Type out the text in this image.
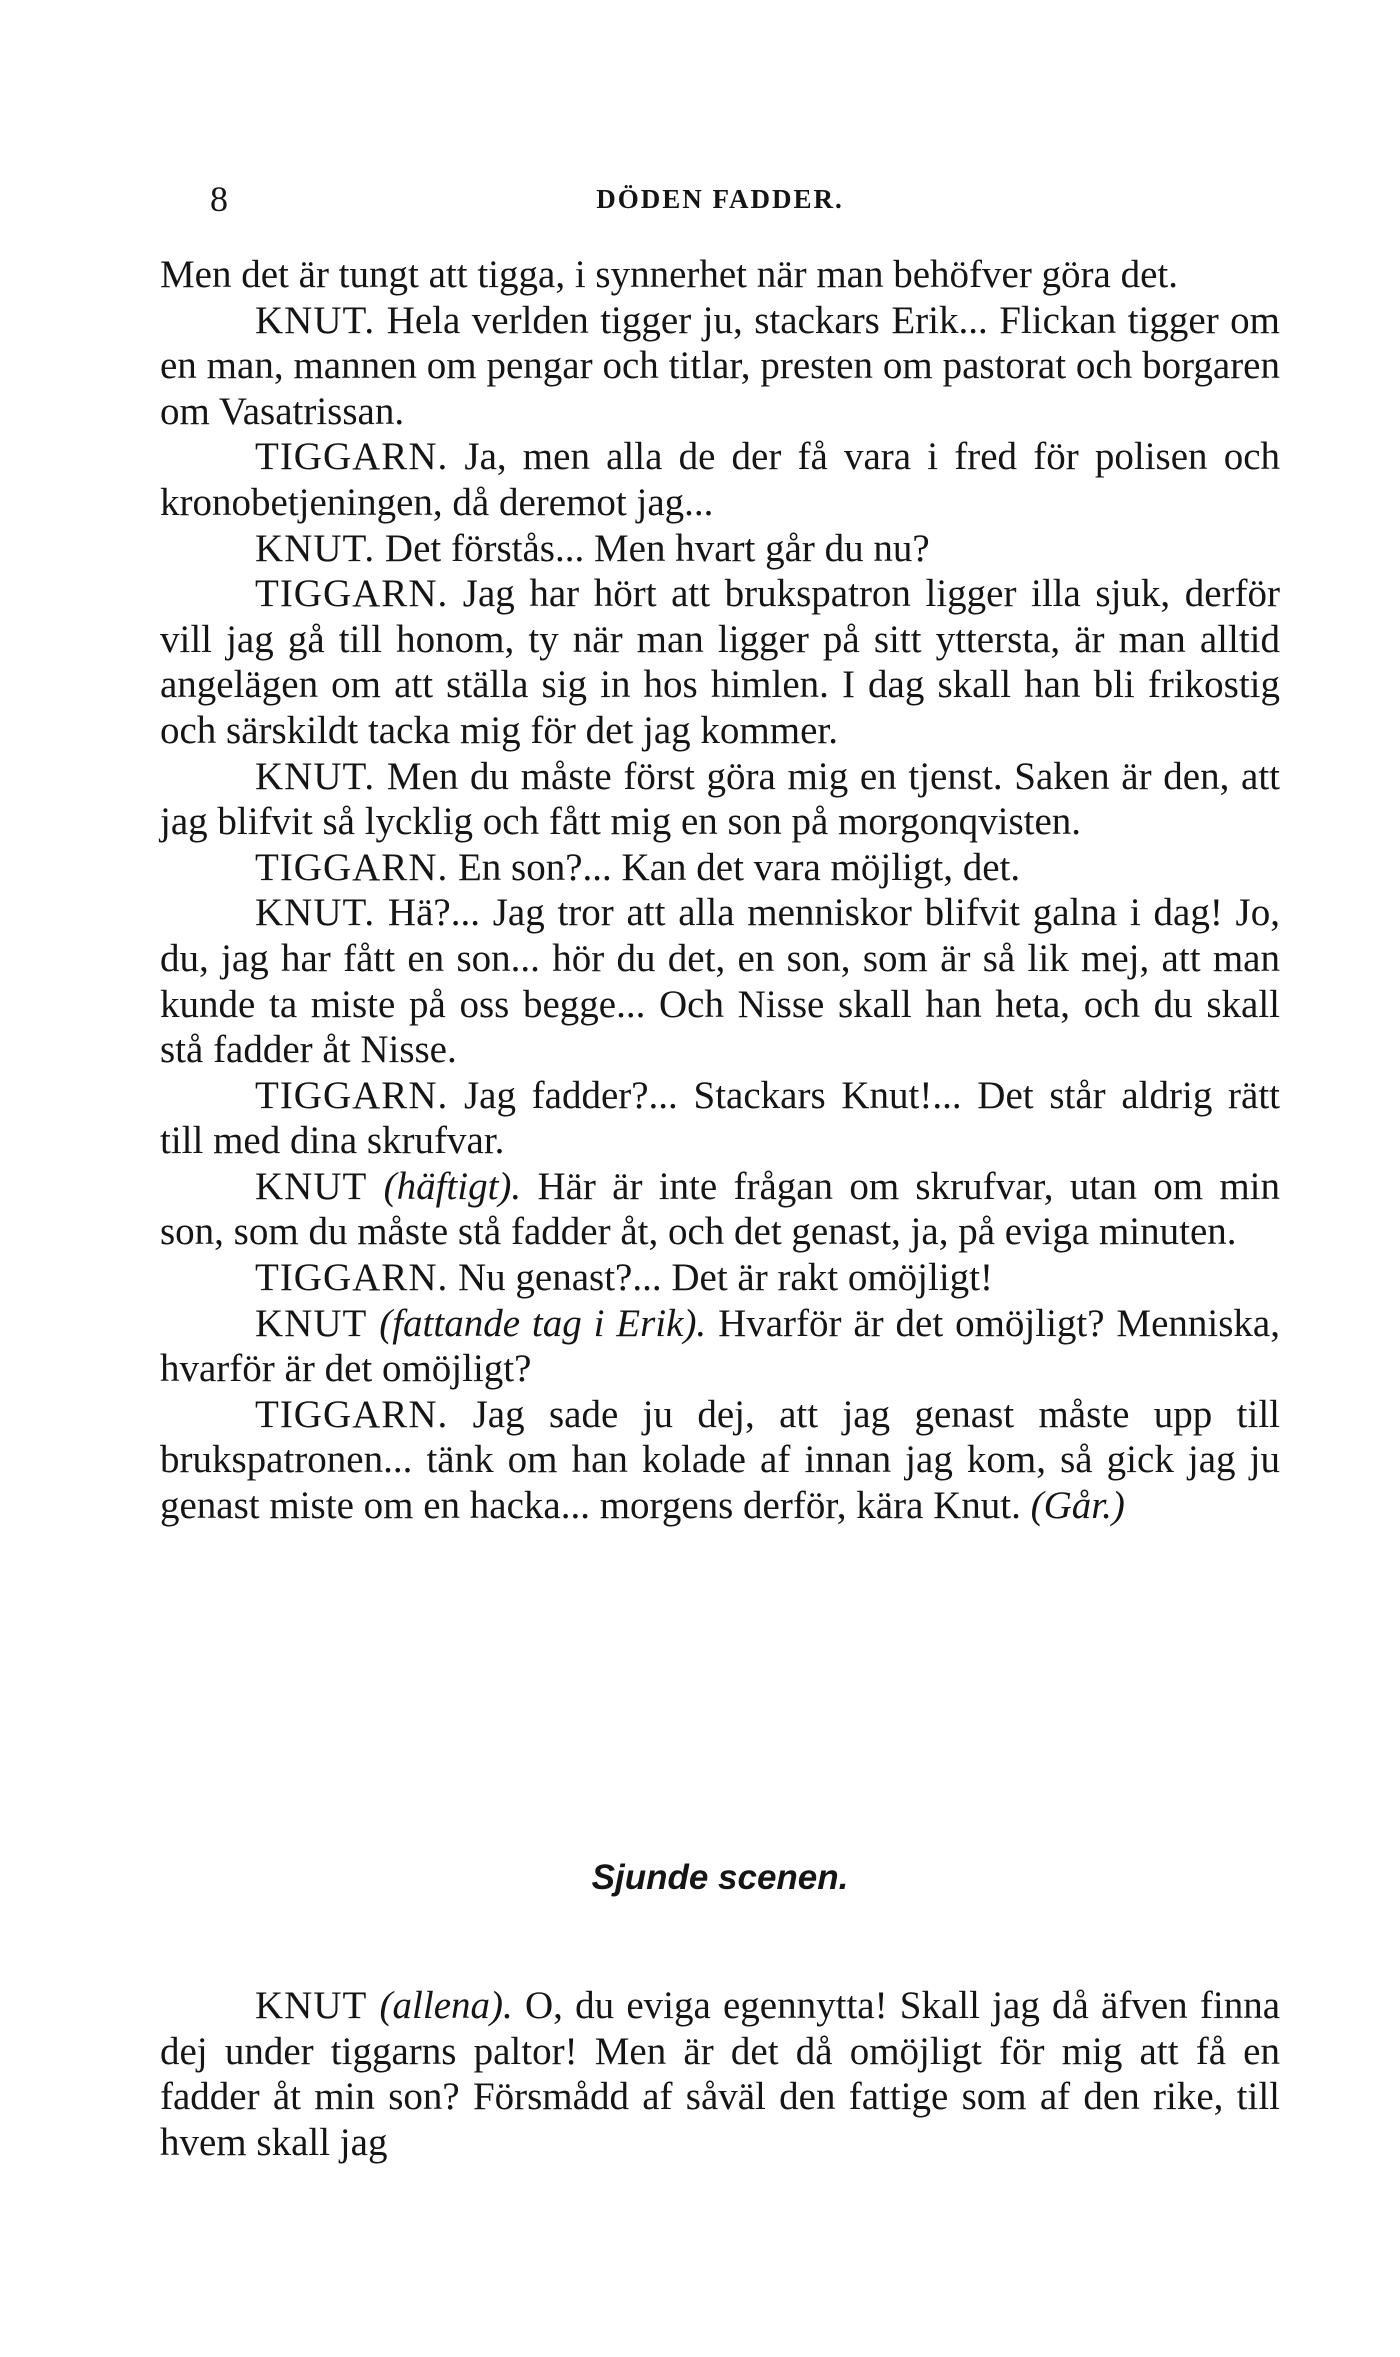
8	DÖDEN FADDER.

Men det är tungt att tigga, i synnerhet när man behöfver göra det.

KNUT. Hela verlden tigger ju, stackars Erik... Flickan tigger om en man, mannen om pengar och titlar, presten om pastorat och borgaren om Vasatrissan.

TIGGARN. Ja, men alla de der få vara i fred för polisen och kronobetjeningen, då deremot jag...

KNUT. Det förstås... Men hvart går du nu?

TIGGARN. Jag har hört att brukspatron ligger illa sjuk, derför vill jag gå till honom, ty när man ligger på sitt yttersta, är man alltid angelägen om att ställa sig in hos himlen. I dag skall han bli frikostig och särskildt tacka mig för det jag kommer.

KNUT. Men du måste först göra mig en tjenst. Saken är den, att jag blifvit så lycklig och fått mig en son på morgonqvisten.

TIGGARN. En son?... Kan det vara möjligt, det.

KNUT. Hä?... Jag tror att alla menniskor blifvit galna i dag! Jo, du, jag har fått en son... hör du det, en son, som är så lik mej, att man kunde ta miste på oss begge... Och Nisse skall han heta, och du skall stå fadder åt Nisse.

TIGGARN. Jag fadder?... Stackars Knut!... Det står aldrig rätt till med dina skrufvar.

KNUT (häftigt). Här är inte frågan om skrufvar, utan om min son, som du måste stå fadder åt, och det genast, ja, på eviga minuten.

TIGGARN. Nu genast?... Det är rakt omöjligt!

KNUT (fattande tag i Erik). Hvarför är det omöjligt? Menniska, hvarför är det omöjligt?

TIGGARN. Jag sade ju dej, att jag genast måste upp till brukspatronen... tänk om han kolade af innan jag kom, så gick jag ju genast miste om en hacka... morgens derför, kära Knut. (Går.)

Sjunde scenen.

KNUT (allena). O, du eviga egennytta! Skall jag då äfven finna dej under tiggarns paltor! Men är det då omöjligt för mig att få en fadder åt min son? Försmådd af såväl den fattige som af den rike, till hvem skall jag
